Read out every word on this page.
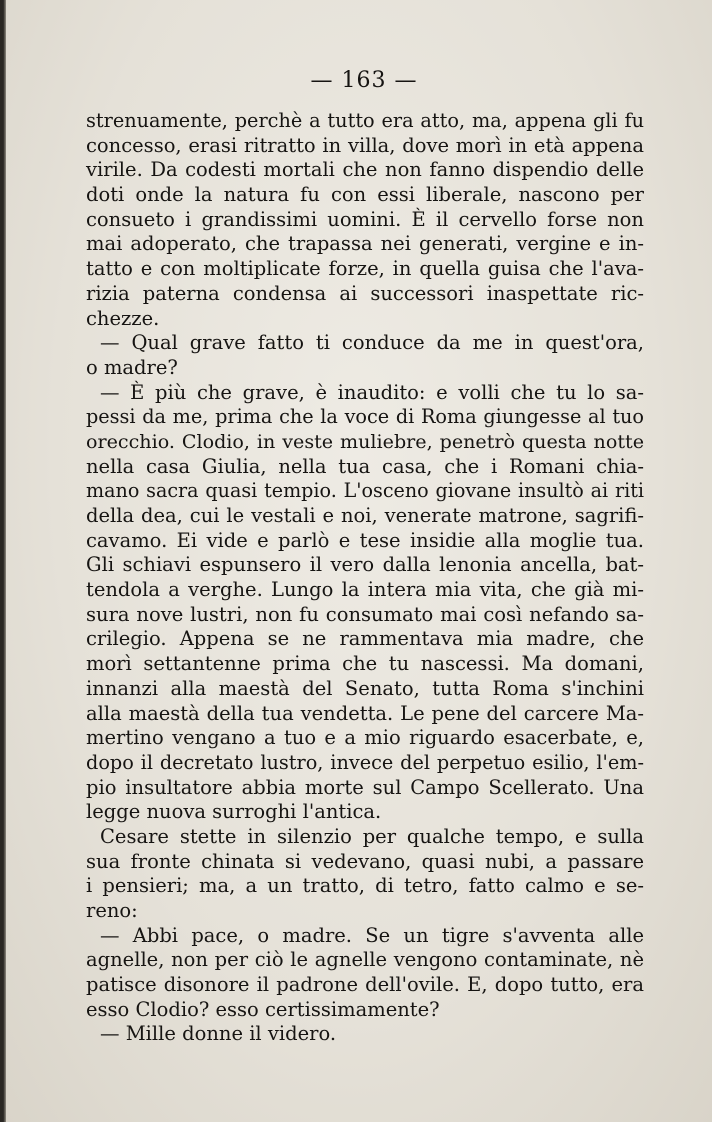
— 163 —
strenuamente, perchè a tutto era atto, ma, appena gli fu
concesso, erasi ritratto in villa, dove morì in età appena
virile. Da codesti mortali che non fanno dispendio delle
doti onde la natura fu con essi liberale, nascono per
consueto i grandissimi uomini. È il cervello forse non
mai adoperato, che trapassa nei generati, vergine e in-
tatto e con moltiplicate forze, in quella guisa che l'ava-
rizia paterna condensa ai successori inaspettate ric-
chezze.
— Qual grave fatto ti conduce da me in quest'ora,
o madre?
— È più che grave, è inaudito: e volli che tu lo sa-
pessi da me, prima che la voce di Roma giungesse al tuo
orecchio. Clodio, in veste muliebre, penetrò questa notte
nella casa Giulia, nella tua casa, che i Romani chia-
mano sacra quasi tempio. L'osceno giovane insultò ai riti
della dea, cui le vestali e noi, venerate matrone, sagrifi-
cavamo. Ei vide e parlò e tese insidie alla moglie tua.
Gli schiavi espunsero il vero dalla lenonia ancella, bat-
tendola a verghe. Lungo la intera mia vita, che già mi-
sura nove lustri, non fu consumato mai così nefando sa-
crilegio. Appena se ne rammentava mia madre, che
morì settantenne prima che tu nascessi. Ma domani,
innanzi alla maestà del Senato, tutta Roma s'inchini
alla maestà della tua vendetta. Le pene del carcere Ma-
mertino vengano a tuo e a mio riguardo esacerbate, e,
dopo il decretato lustro, invece del perpetuo esilio, l'em-
pio insultatore abbia morte sul Campo Scellerato. Una
legge nuova surroghi l'antica.
Cesare stette in silenzio per qualche tempo, e sulla
sua fronte chinata si vedevano, quasi nubi, a passare
i pensieri; ma, a un tratto, di tetro, fatto calmo e se-
reno:
— Abbi pace, o madre. Se un tigre s'avventa alle
agnelle, non per ciò le agnelle vengono contaminate, nè
patisce disonore il padrone dell'ovile. E, dopo tutto, era
esso Clodio? esso certissimamente?
— Mille donne il videro.
